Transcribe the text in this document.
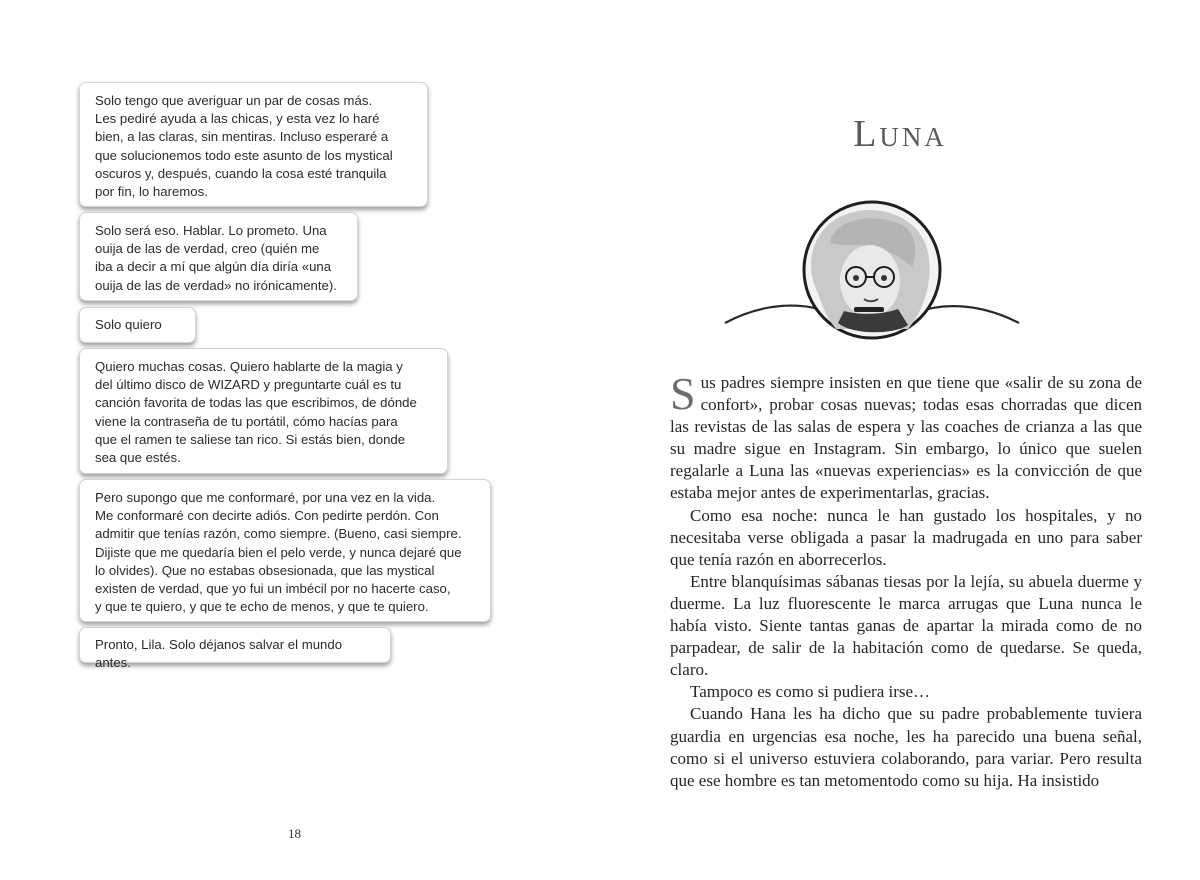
Solo tengo que averiguar un par de cosas más.
Les pediré ayuda a las chicas, y esta vez lo haré
bien, a las claras, sin mentiras. Incluso esperaré a
que solucionemos todo este asunto de los mystical
oscuros y, después, cuando la cosa esté tranquila
por fin, lo haremos.
Solo será eso. Hablar. Lo prometo. Una
ouija de las de verdad, creo (quién me
iba a decir a mí que algún día diría «una
ouija de las de verdad» no irónicamente).
Solo quiero
Quiero muchas cosas. Quiero hablarte de la magia y
del último disco de WIZARD y preguntarte cuál es tu
canción favorita de todas las que escribimos, de dónde
viene la contraseña de tu portátil, cómo hacías para
que el ramen te saliese tan rico. Si estás bien, donde
sea que estés.
Pero supongo que me conformaré, por una vez en la vida.
Me conformaré con decirte adiós. Con pedirte perdón. Con
admitir que tenías razón, como siempre. (Bueno, casi siempre.
Dijiste que me quedaría bien el pelo verde, y nunca dejaré que
lo olvides). Que no estabas obsesionada, que las mystical
existen de verdad, que yo fui un imbécil por no hacerte caso,
y que te quiero, y que te echo de menos, y que te quiero.
Pronto, Lila. Solo déjanos salvar el mundo antes.
18
Luna

Sus padres siempre insisten en que tiene que «salir de su zona de confort», probar cosas nuevas; todas esas chorradas que dicen las revistas de las salas de espera y las coaches de crianza a las que su madre sigue en Instagram. Sin embargo, lo único que suelen regalarle a Luna las «nuevas experiencias» es la convicción de que estaba mejor antes de experimentarlas, gracias.

Como esa noche: nunca le han gustado los hospitales, y no necesitaba verse obligada a pasar la madrugada en uno para saber que tenía razón en aborrecerlos.

Entre blanquísimas sábanas tiesas por la lejía, su abuela duerme y duerme. La luz fluorescente le marca arrugas que Luna nunca le había visto. Siente tantas ganas de apartar la mirada como de no parpadear, de salir de la habitación como de quedarse. Se queda, claro.

Tampoco es como si pudiera irse…

Cuando Hana les ha dicho que su padre probablemente tuviera guardia en urgencias esa noche, les ha parecido una buena señal, como si el universo estuviera colaborando, para variar. Pero resulta que ese hombre es tan metomentodo como su hija. Ha insistido
